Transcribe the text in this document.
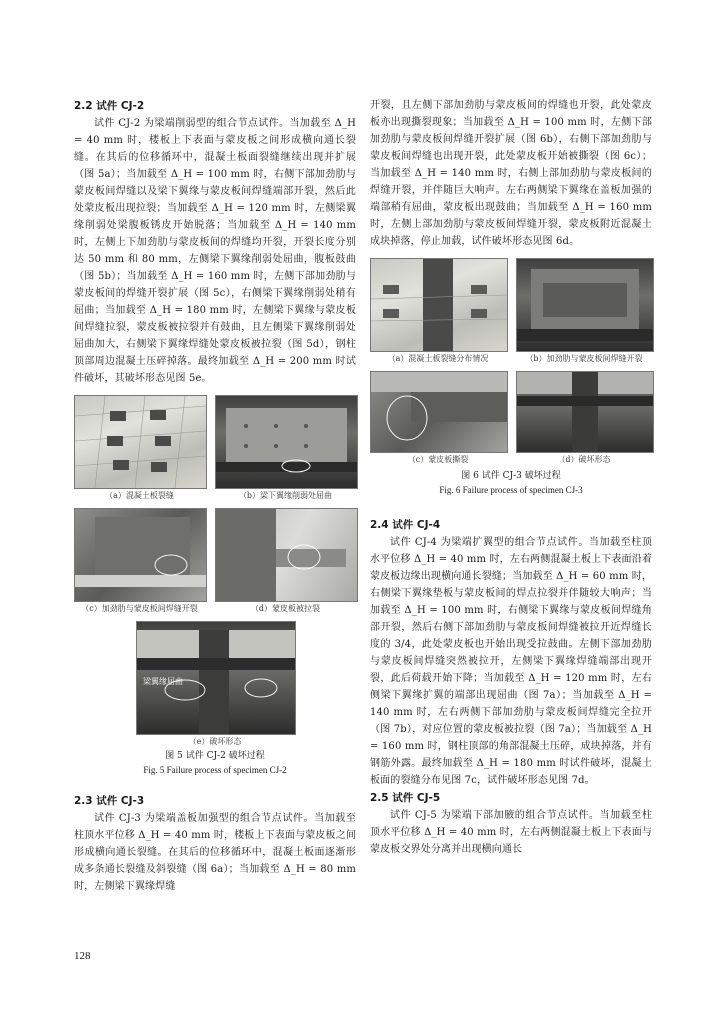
2.2 试件 CJ-2

试件 CJ-2 为梁端削弱型的组合节点试件。当加载至 Δ_H = 40 mm 时，楼板上下表面与蒙皮板之间形成横向通长裂缝。在其后的位移循环中，混凝土板面裂缝继续出现并扩展（图 5a）；当加载至 Δ_H = 100 mm 时，右侧下部加劲肋与蒙皮板间焊缝以及梁下翼缘与蒙皮板间焊缝端部开裂，然后此处蒙皮板出现拉裂；当加载至 Δ_H = 120 mm 时，左侧梁翼缘削弱处梁腹板锈皮开始脱落；当加载至 Δ_H = 140 mm 时，左侧上下加劲肋与蒙皮板间的焊缝均开裂，开裂长度分别达 50 mm 和 80 mm，左侧梁下翼缘削弱处屈曲，腹板鼓曲（图 5b）；当加载至 Δ_H = 160 mm 时，左侧下部加劲肋与蒙皮板间的焊缝开裂扩展（图 5c），右侧梁下翼缘削弱处稍有屈曲；当加载至 Δ_H = 180 mm 时，左侧梁下翼缘与蒙皮板间焊缝拉裂，蒙皮板被拉裂并有鼓曲，且左侧梁下翼缘削弱处屈曲加大，右侧梁下翼缘焊缝处蒙皮板被拉裂（图 5d），钢柱顶部周边混凝土压碎掉落。最终加载至 Δ_H = 200 mm 时试件破坏，其破坏形态见图 5e。

（a）混凝土板裂缝	（b）梁下翼缘削弱处屈曲
（c）加劲肋与蒙皮板间焊缝开裂	（d）蒙皮板被拉裂
梁翼缘屈曲
（e）破坏形态

图 5 试件 CJ-2 破坏过程

Fig. 5 Failure process of specimen CJ-2

2.3 试件 CJ-3

试件 CJ-3 为梁端盖板加强型的组合节点试件。当加载至柱顶水平位移 Δ_H = 40 mm 时，楼板上下表面与蒙皮板之间形成横向通长裂缝。在其后的位移循环中，混凝土板面逐渐形成多条通长裂缝及斜裂缝（图 6a）；当加载至 Δ_H = 80 mm 时，左侧梁下翼缘焊缝

开裂，且左侧下部加劲肋与蒙皮板间的焊缝也开裂，此处蒙皮板亦出现撕裂现象；当加载至 Δ_H = 100 mm 时，左侧下部加劲肋与蒙皮板间焊缝开裂扩展（图 6b），右侧下部加劲肋与蒙皮板间焊缝也出现开裂，此处蒙皮板开始被撕裂（图 6c）；当加载至 Δ_H = 140 mm 时，右侧上部加劲肋与蒙皮板间的焊缝开裂，并伴随巨大响声。左右两侧梁下翼缘在盖板加强的端部稍有屈曲，蒙皮板出现鼓曲；当加载至 Δ_H = 160 mm 时，左侧上部加劲肋与蒙皮板间焊缝开裂，蒙皮板附近混凝土成块掉落，停止加载，试件破坏形态见图 6d。

（a）混凝土板裂缝分布情况	（b）加劲肋与蒙皮板间焊缝开裂
（c）蒙皮板撕裂	（d）破坏形态

图 6 试件 CJ-3 破坏过程

Fig. 6 Failure process of specimen CJ-3

2.4 试件 CJ-4

试件 CJ-4 为梁端扩翼型的组合节点试件。当加载至柱顶水平位移 Δ_H = 40 mm 时，左右两侧混凝土板上下表面沿着蒙皮板边缘出现横向通长裂缝；当加载至 Δ_H = 60 mm 时，右侧梁下翼缘垫板与蒙皮板间的焊点拉裂并伴随较大响声；当加载至 Δ_H = 100 mm 时，右侧梁下翼缘与蒙皮板间焊缝角部开裂，然后右侧下部加劲肋与蒙皮板间焊缝被拉开近焊缝长度的 3/4，此处蒙皮板也开始出现受拉鼓曲。左侧下部加劲肋与蒙皮板间焊缝突然被拉开，左侧梁下翼缘焊缝端部出现开裂，此后荷载开始下降；当加载至 Δ_H = 120 mm 时，左右侧梁下翼缘扩翼的端部出现屈曲（图 7a）；当加载至 Δ_H = 140 mm 时，左右两侧下部加劲肋与蒙皮板间焊缝完全拉开（图 7b），对应位置的蒙皮板被拉裂（图 7a）；当加载至 Δ_H = 160 mm 时，钢柱顶部的角部混凝土压碎，成块掉落，并有钢筋外露。最终加载至 Δ_H = 180 mm 时试件破坏，混凝土板面的裂缝分布见图 7c，试件破坏形态见图 7d。

2.5 试件 CJ-5

试件 CJ-5 为梁端下部加腋的组合节点试件。当加载至柱顶水平位移 Δ_H = 40 mm 时，左右两侧混凝土板上下表面与蒙皮板交界处分离并出现横向通长

128
